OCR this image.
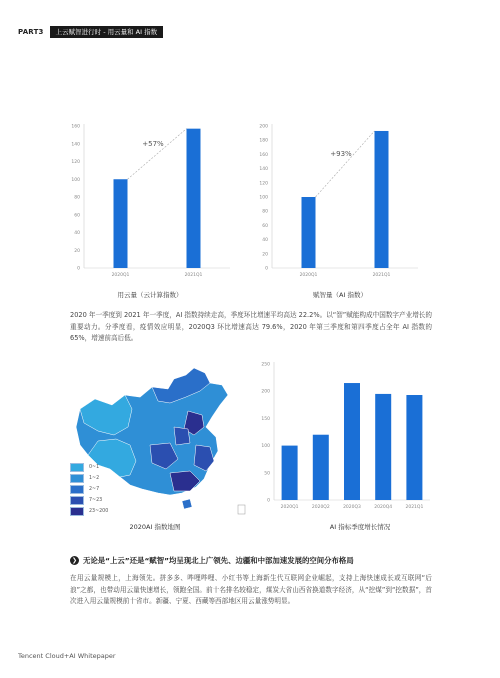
PART3	上云赋智进行时 - 用云量和 AI 指数
0
20
40
60
80
100
120
140
160
2020Q1	2021Q1
+57%
用云量（云计算指数）
0
20
40
60
80
100
120
140
160
180
200
2020Q1	2021Q1
+93%
赋智量（AI 指数）
2020 年一季度到 2021 年一季度，AI 指数持续走高，季度环比增速平均高达 22.2%。以“智”赋能构成中国数字产业增长的重要动力。分季度看，疫情效应明显，2020Q3 环比增速高达 79.6%，2020 年第三季度和第四季度占全年 AI 指数的 65%，增速前高后低。
0~1
1~2
2~7
7~23
23~200
2020AI 指数地图
0
50
100
150
200
250
2020Q1	2020Q2	2020Q3	2020Q4	2021Q1
AI 指标季度增长情况
❯ 无论是“上云”还是“赋智”均呈现北上广领先、边疆和中部加速发展的空间分布格局
在用云量规模上，上海领先。拼多多、哔哩哔哩、小红书等上海新生代互联网企业崛起，支持上海快速成长或互联网“后浪”之都，也带动用云量快速增长，领跑全国。前十名排名较稳定，煤炭大省山西省换道数字经济，从“挖煤”到“挖数据”，首次进入用云量规模前十省市。新疆、宁夏、西藏等西部地区用云量涨势明显。
Tencent Cloud+AI Whitepaper
